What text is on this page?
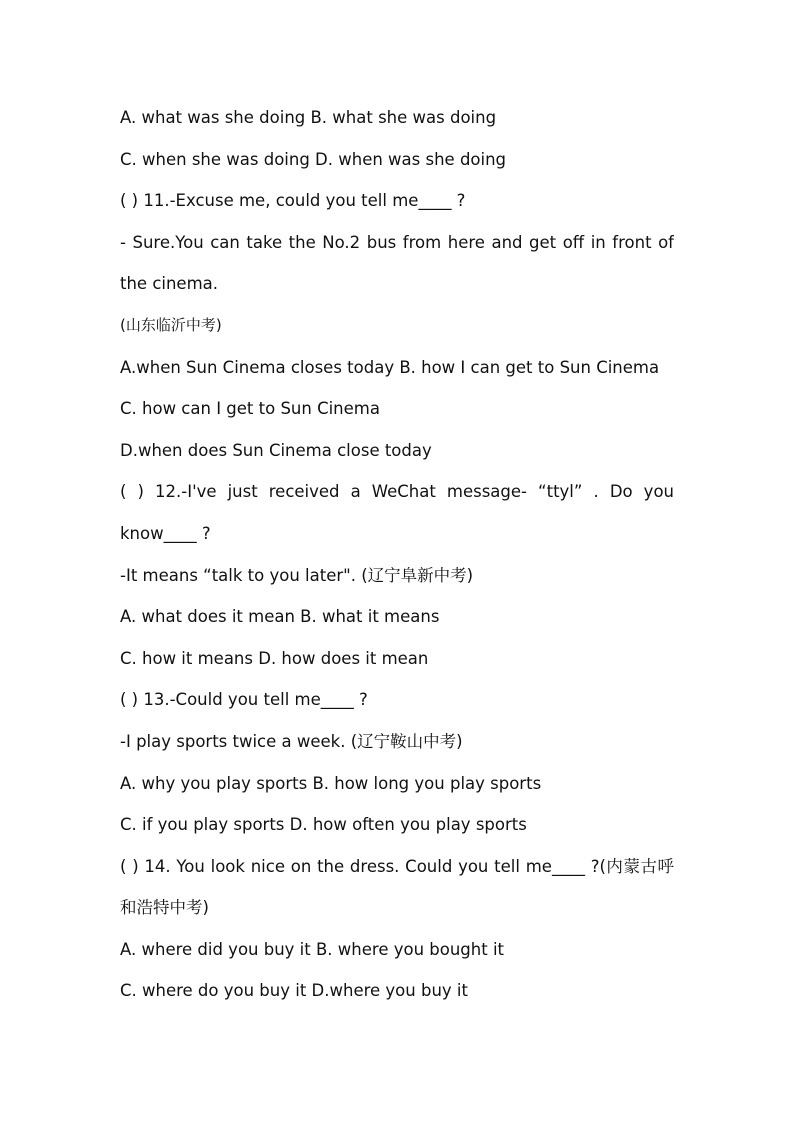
A. what was she doing B. what she was doing
C. when she was doing D. when was she doing
( ) 11.-Excuse me, could you tell me____ ?
- Sure.You can take the No.2 bus from here and get off in front of
the cinema.
(山东临沂中考)
A.when Sun Cinema closes today B. how I can get to Sun Cinema
C. how can I get to Sun Cinema
D.when does Sun Cinema close today
( ) 12.-I've just received a WeChat message- “ttyl” . Do you
know____ ?
-It means “talk to you later". (辽宁阜新中考)
A. what does it mean B. what it means
C. how it means D. how does it mean
( ) 13.-Could you tell me____ ?
-I play sports twice a week. (辽宁鞍山中考)
A. why you play sports B. how long you play sports
C. if you play sports D. how often you play sports
( ) 14. You look nice on the dress. Could you tell me____ ?(内蒙古呼
和浩特中考)
A. where did you buy it B. where you bought it
C. where do you buy it D.where you buy it
